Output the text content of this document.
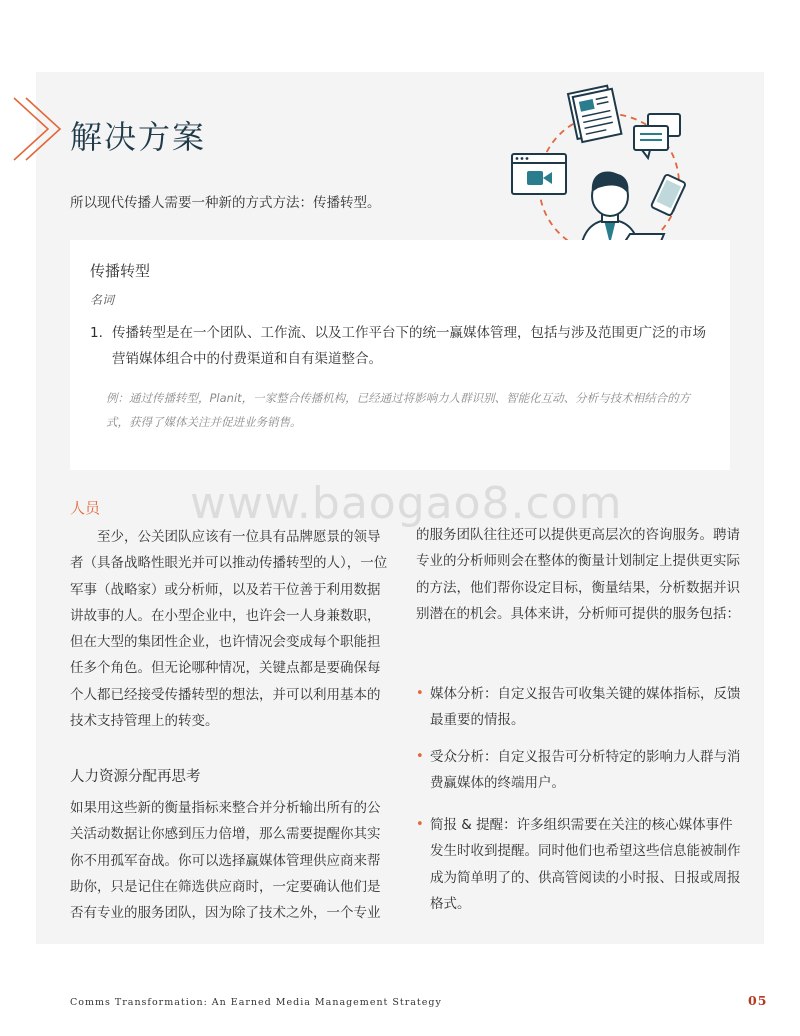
解决方案
所以现代传播人需要一种新的方式方法：传播转型。
传播转型
名词
1. 传播转型是在一个团队、工作流、以及工作平台下的统一赢媒体管理，包括与涉及范围更广泛的市场营销媒体组合中的付费渠道和自有渠道整合。

例：通过传播转型，Planit，一家整合传播机构，已经通过将影响力人群识别、智能化互动、分析与技术相结合的方式，获得了媒体关注并促进业务销售。
www.baogao8.com
人员

至少，公关团队应该有一位具有品牌愿景的领导者（具备战略性眼光并可以推动传播转型的人），一位军事（战略家）或分析师，以及若干位善于利用数据讲故事的人。在小型企业中，也许会一人身兼数职，但在大型的集团性企业，也许情况会变成每个职能担任多个角色。但无论哪种情况，关键点都是要确保每个人都已经接受传播转型的想法，并可以利用基本的技术支持管理上的转变。

人力资源分配再思考

如果用这些新的衡量指标来整合并分析输出所有的公关活动数据让你感到压力倍增，那么需要提醒你其实你不用孤军奋战。你可以选择赢媒体管理供应商来帮助你，只是记住在筛选供应商时，一定要确认他们是否有专业的服务团队，因为除了技术之外，一个专业

的服务团队往往还可以提供更高层次的咨询服务。聘请专业的分析师则会在整体的衡量计划制定上提供更实际的方法，他们帮你设定目标，衡量结果，分析数据并识别潜在的机会。具体来讲，分析师可提供的服务包括：

• 媒体分析：自定义报告可收集关键的媒体指标，反馈最重要的情报。

• 受众分析：自定义报告可分析特定的影响力人群与消费赢媒体的终端用户。

• 简报 & 提醒：许多组织需要在关注的核心媒体事件发生时收到提醒。同时他们也希望这些信息能被制作成为简单明了的、供高管阅读的小时报、日报或周报格式。

Comms Transformation: An Earned Media Management Strategy	05
